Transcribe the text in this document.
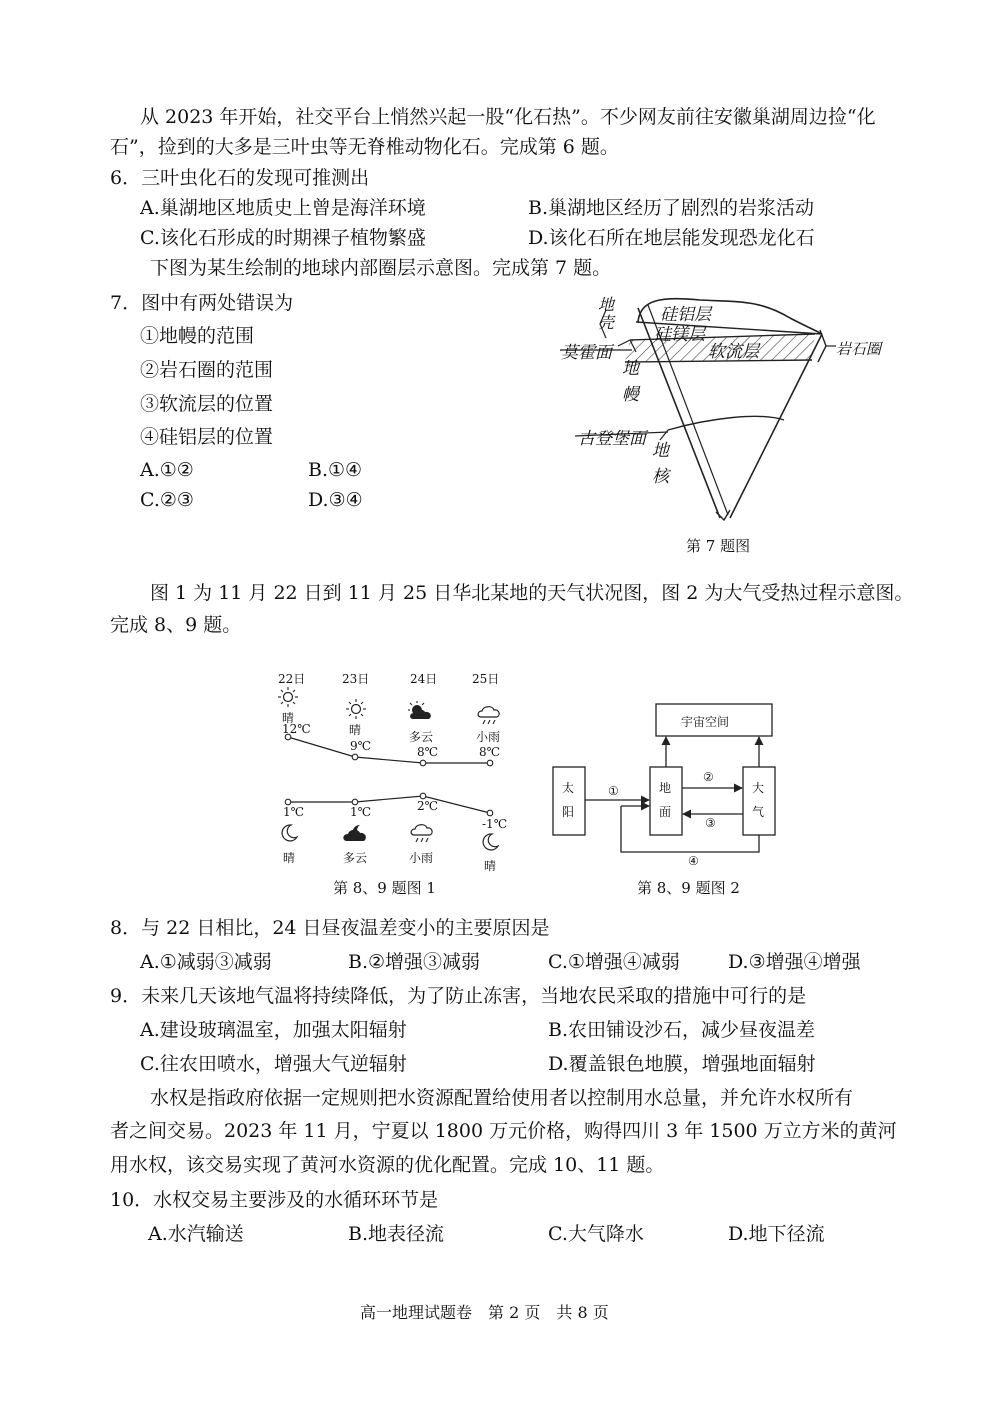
从 2023 年开始，社交平台上悄然兴起一股“化石热”。不少网友前往安徽巢湖周边捡“化
石”，捡到的大多是三叶虫等无脊椎动物化石。完成第 6 题。
6．三叶虫化石的发现可推测出
A.巢湖地区地质史上曾是海洋环境	B.巢湖地区经历了剧烈的岩浆活动
C.该化石形成的时期裸子植物繁盛	D.该化石所在地层能发现恐龙化石
下图为某生绘制的地球内部圈层示意图。完成第 7 题。
7．图中有两处错误为
①地幔的范围
②岩石圈的范围
③软流层的位置
④硅铝层的位置
A.①②	B.①④
C.②③	D.③④
硅铝层
硅镁层
软流层	岩石圈
地壳
莫霍面
地幔
古登堡面
地核
第 7 题图
图 1 为 11 月 22 日到 11 月 25 日华北某地的天气状况图，图 2 为大气受热过程示意图。
完成 8、9 题。
22日	23日	24日	25日
晴
晴	多云	小雨
12℃
9℃	8℃	8℃
1℃	1℃	2℃
-1℃
晴	多云	小雨
晴
第 8、9 题图 1
宇宙空间
太阳
地面
大气
①
②
③
④
第 8、9 题图 2
8．与 22 日相比，24 日昼夜温差变小的主要原因是
A.①减弱③减弱	B.②增强③减弱	C.①增强④减弱	D.③增强④增强
9．未来几天该地气温将持续降低，为了防止冻害，当地农民采取的措施中可行的是
A.建设玻璃温室，加强太阳辐射	B.农田铺设沙石，减少昼夜温差
C.往农田喷水，增强大气逆辐射	D.覆盖银色地膜，增强地面辐射
水权是指政府依据一定规则把水资源配置给使用者以控制用水总量，并允许水权所有
者之间交易。2023 年 11 月，宁夏以 1800 万元价格，购得四川 3 年 1500 万立方米的黄河
用水权，该交易实现了黄河水资源的优化配置。完成 10、11 题。
10．水权交易主要涉及的水循环环节是
A.水汽输送	B.地表径流	C.大气降水	D.地下径流
高一地理试题卷　第 2 页　共 8 页
